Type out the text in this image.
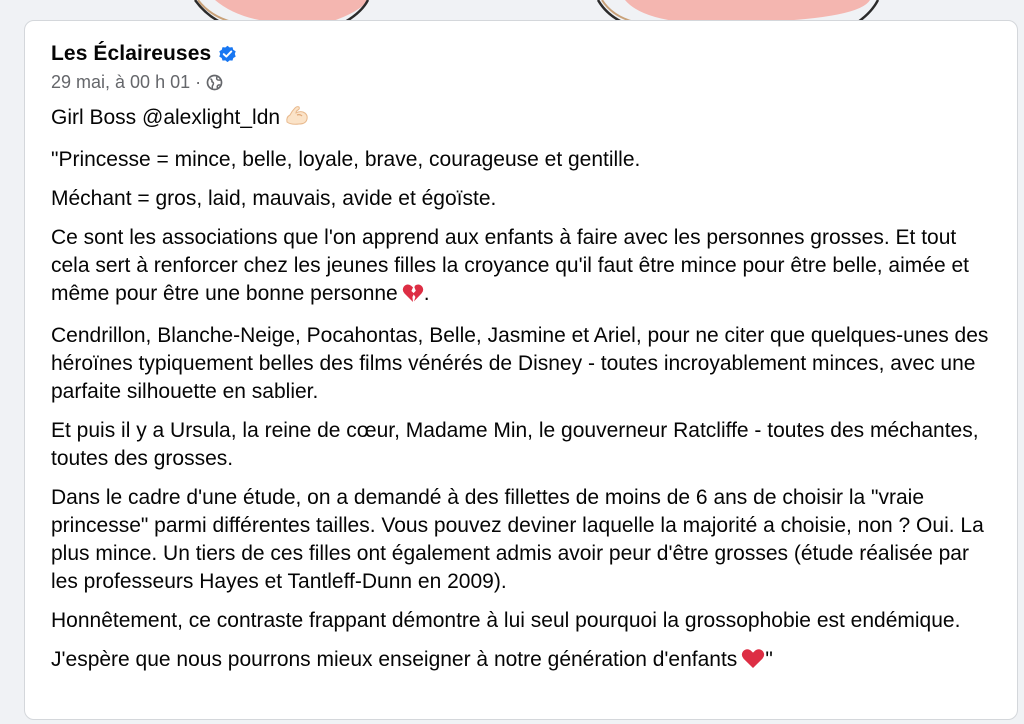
Les Éclaireuses
29 mai, à 00 h 01 ·

Girl Boss @alexlight_ldn

"Princesse = mince, belle, loyale, brave, courageuse et gentille.

Méchant = gros, laid, mauvais, avide et égoïste.

Ce sont les associations que l'on apprend aux enfants à faire avec les personnes grosses. Et tout cela sert à renforcer chez les jeunes filles la croyance qu'il faut être mince pour être belle, aimée et même pour être une bonne personne .

Cendrillon, Blanche-Neige, Pocahontas, Belle, Jasmine et Ariel, pour ne citer que quelques-unes des héroïnes typiquement belles des films vénérés de Disney - toutes incroyablement minces, avec une parfaite silhouette en sablier.

Et puis il y a Ursula, la reine de cœur, Madame Min, le gouverneur Ratcliffe - toutes des méchantes, toutes des grosses.

Dans le cadre d'une étude, on a demandé à des fillettes de moins de 6 ans de choisir la "vraie princesse" parmi différentes tailles. Vous pouvez deviner laquelle la majorité a choisie, non ? Oui. La plus mince. Un tiers de ces filles ont également admis avoir peur d'être grosses (étude réalisée par les professeurs Hayes et Tantleff-Dunn en 2009).

Honnêtement, ce contraste frappant démontre à lui seul pourquoi la grossophobie est endémique.

J'espère que nous pourrons mieux enseigner à notre génération d'enfants "
